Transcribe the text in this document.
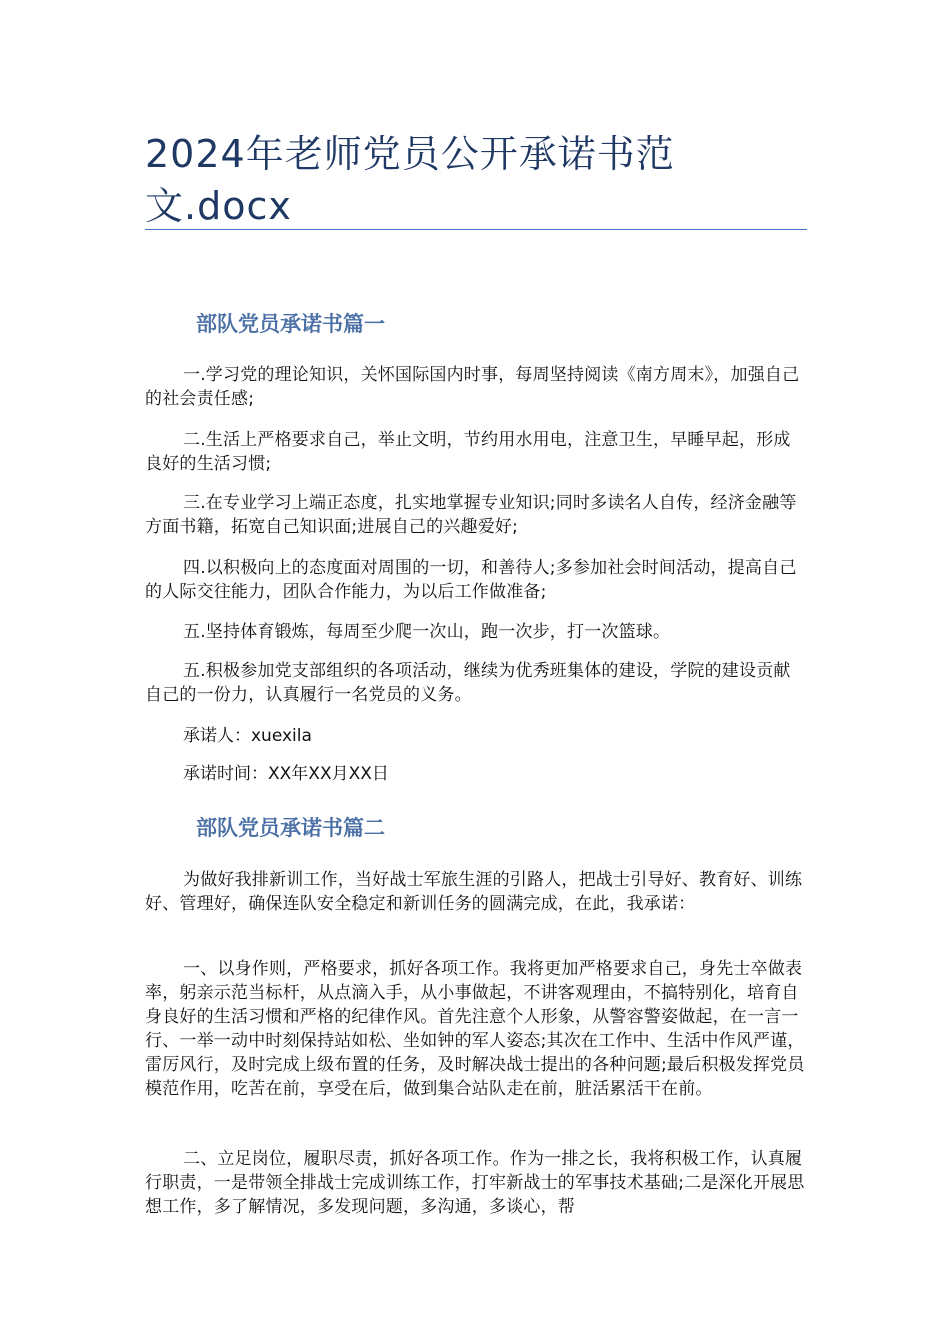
2024年老师党员公开承诺书范文.docx
部队党员承诺书篇一

一.学习党的理论知识，关怀国际国内时事，每周坚持阅读《南方周末》，加强自己的社会责任感;

二.生活上严格要求自己，举止文明，节约用水用电，注意卫生，早睡早起，形成良好的生活习惯;

三.在专业学习上端正态度，扎实地掌握专业知识;同时多读名人自传，经济金融等方面书籍，拓宽自己知识面;进展自己的兴趣爱好;

四.以积极向上的态度面对周围的一切，和善待人;多参加社会时间活动，提高自己的人际交往能力，团队合作能力，为以后工作做准备;

五.坚持体育锻炼，每周至少爬一次山，跑一次步，打一次篮球。

五.积极参加党支部组织的各项活动，继续为优秀班集体的建设，学院的建设贡献自己的一份力，认真履行一名党员的义务。

承诺人：xuexila

承诺时间：XX年XX月XX日

部队党员承诺书篇二

为做好我排新训工作，当好战士军旅生涯的引路人，把战士引导好、教育好、训练好、管理好，确保连队安全稳定和新训任务的圆满完成，在此，我承诺：

一、以身作则，严格要求，抓好各项工作。我将更加严格要求自己，身先士卒做表率，躬亲示范当标杆，从点滴入手，从小事做起，不讲客观理由，不搞特别化，培育自身良好的生活习惯和严格的纪律作风。首先注意个人形象，从警容警姿做起，在一言一行、一举一动中时刻保持站如松、坐如钟的军人姿态;其次在工作中、生活中作风严谨，雷厉风行，及时完成上级布置的任务，及时解决战士提出的各种问题;最后积极发挥党员模范作用，吃苦在前，享受在后，做到集合站队走在前，脏活累活干在前。

二、立足岗位，履职尽责，抓好各项工作。作为一排之长，我将积极工作，认真履行职责，一是带领全排战士完成训练工作，打牢新战士的军事技术基础;二是深化开展思想工作，多了解情况，多发现问题，多沟通，多谈心，帮
